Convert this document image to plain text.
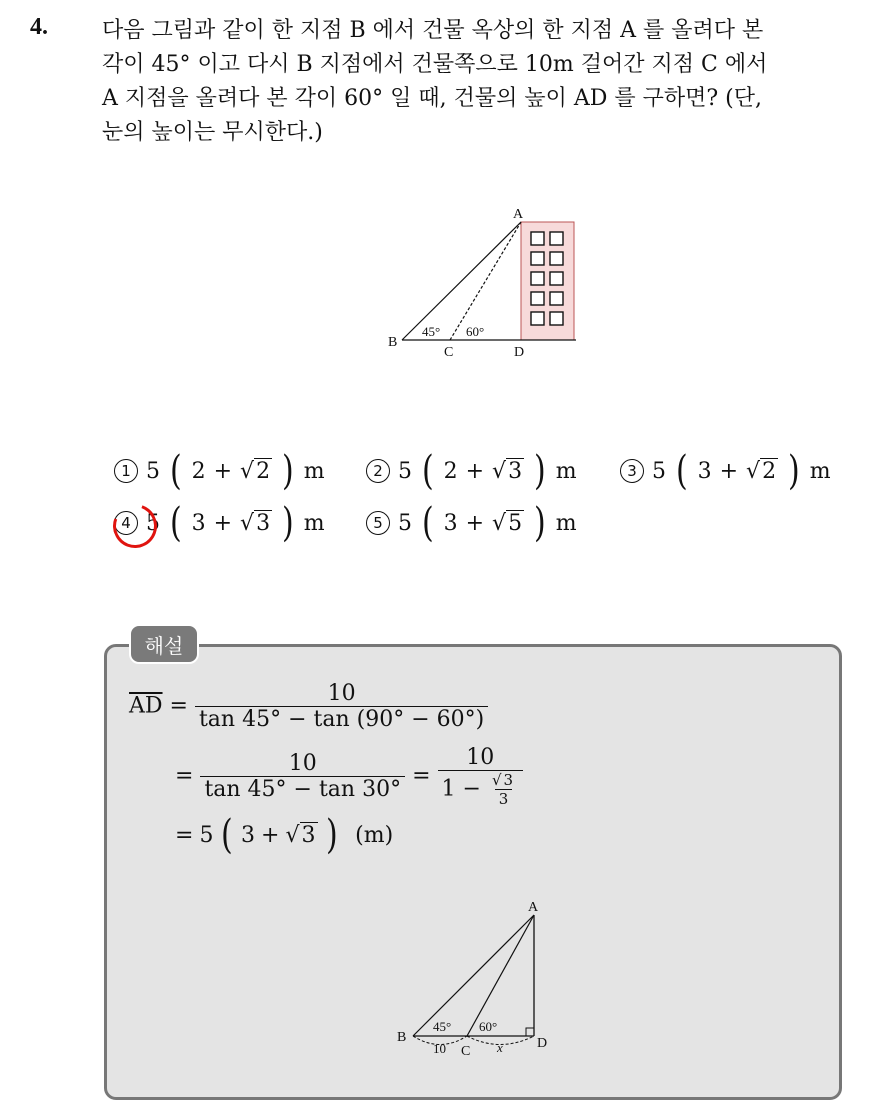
4. 다음 그림과 같이 한 지점 B 에서 건물 옥상의 한 지점 A 를 올려다 본
각이 45° 이고 다시 B 지점에서 건물쪽으로 10m 걸어간 지점 C 에서
A 지점을 올려다 본 각이 60° 일 때, 건물의 높이 AD 를 구하면? (단,
눈의 높이는 무시한다.)
A
B
C	D
45° 60°
1 5 ( 2 + √2 ) m	2 5 ( 2 + √3 ) m	3 5 ( 3 + √2 ) m
4 5 ( 3 + √3 ) m	5 5 ( 3 + √5 ) m
해설
$\overline{AD} = \frac{10}{\tan 45^\circ - \tan (90^\circ - 60^\circ)}$
= $\frac{10}{\tan 45^\circ - \tan 30^\circ} = \frac{10}{1 - \frac{√ 3}{3}}$
= 5 ( 3 + √3 ) (m)
A
B
C
D
45° 60°
10	x
